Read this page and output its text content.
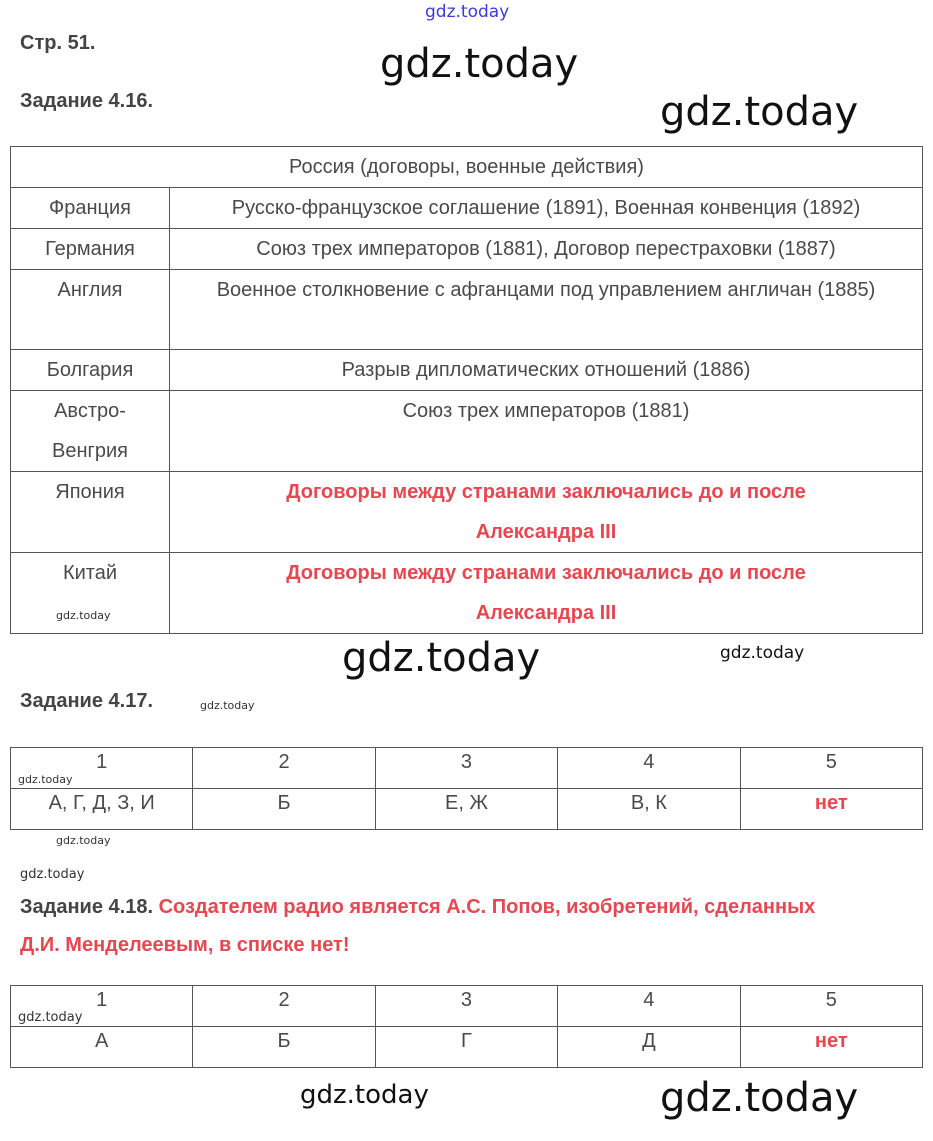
gdz.today
Стр. 51.
Задание 4.16.
Россия (договоры, военные действия)	
Франция	Русско-французское соглашение (1891), Военная конвенция (1892)
Германия	Союз трех императоров (1881), Договор перестраховки (1887)
Англия	Военное столкновение с афганцами под управлением англичан (1885)
Болгария	Разрыв дипломатических отношений (1886)
Австро-Венгрия	Союз трех императоров (1881)
Япония	Договоры между странами заключались до и после Александра III
Китай	Договоры между странами заключались до и после Александра III
Задание 4.17.
1	2	3	4	5
А, Г, Д, З, И	Б	Е, Ж	В, К	нет
Задание 4.18. Создателем радио является А.С. Попов, изобретений, сделанных Д.И. Менделеевым, в списке нет!
1	2	3	4	5
А	Б	Г	Д	нет
gdz.today
gdz.today
gdz.today
gdz.today
gdz.today
gdz.today
gdz.today
gdz.today
gdz.today
gdz.today
gdz.today
gdz.today
